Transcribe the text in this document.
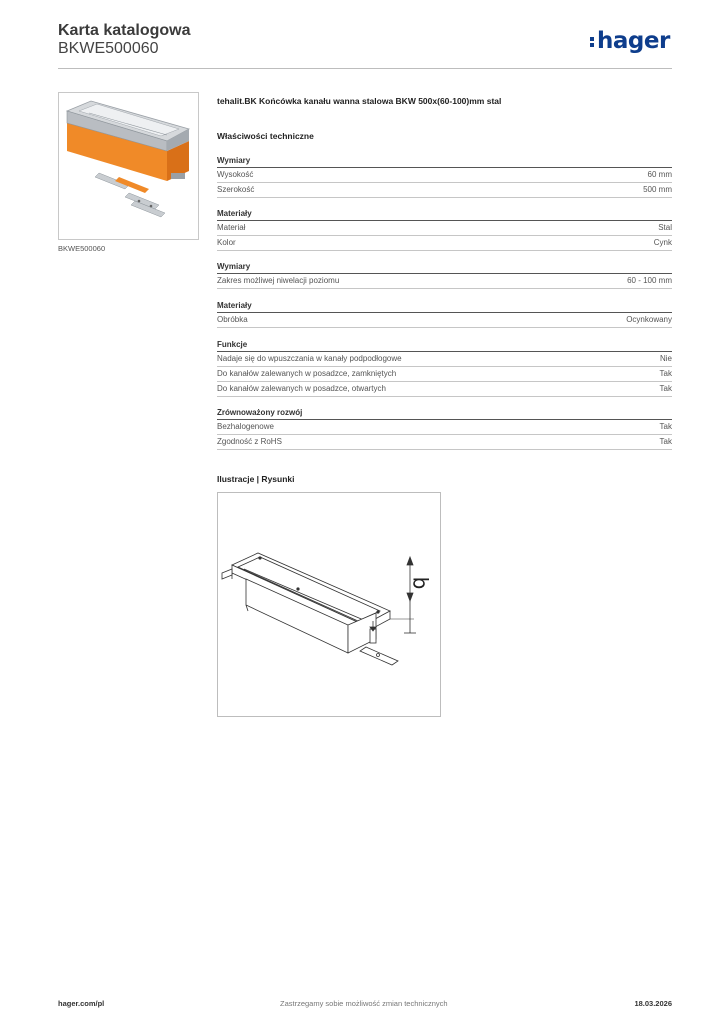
Karta katalogowa
BKWE500060	hager
BKWE500060
tehalit.BK Końcówka kanału wanna stalowa BKW 500x(60-100)mm stal
Właściwości techniczne
Wymiary
Wysokość	60 mm
Szerokość	500 mm
Materiały
Materiał	Stal
Kolor	Cynk
Wymiary
Zakres możliwej niwelacji poziomu	60 - 100 mm
Materiały
Obróbka	Ocynkowany
Funkcje
Nadaje się do wpuszczania w kanały podpodłogowe	Nie
Do kanałów zalewanych w posadzce, zamkniętych	Tak
Do kanałów zalewanych w posadzce, otwartych	Tak
Zrównoważony rozwój
Bezhalogenowe	Tak
Zgodność z RoHS	Tak
Ilustracje | Rysunki
b
hager.com/pl	Zastrzegamy sobie możliwość zmian technicznych	18.03.2026
